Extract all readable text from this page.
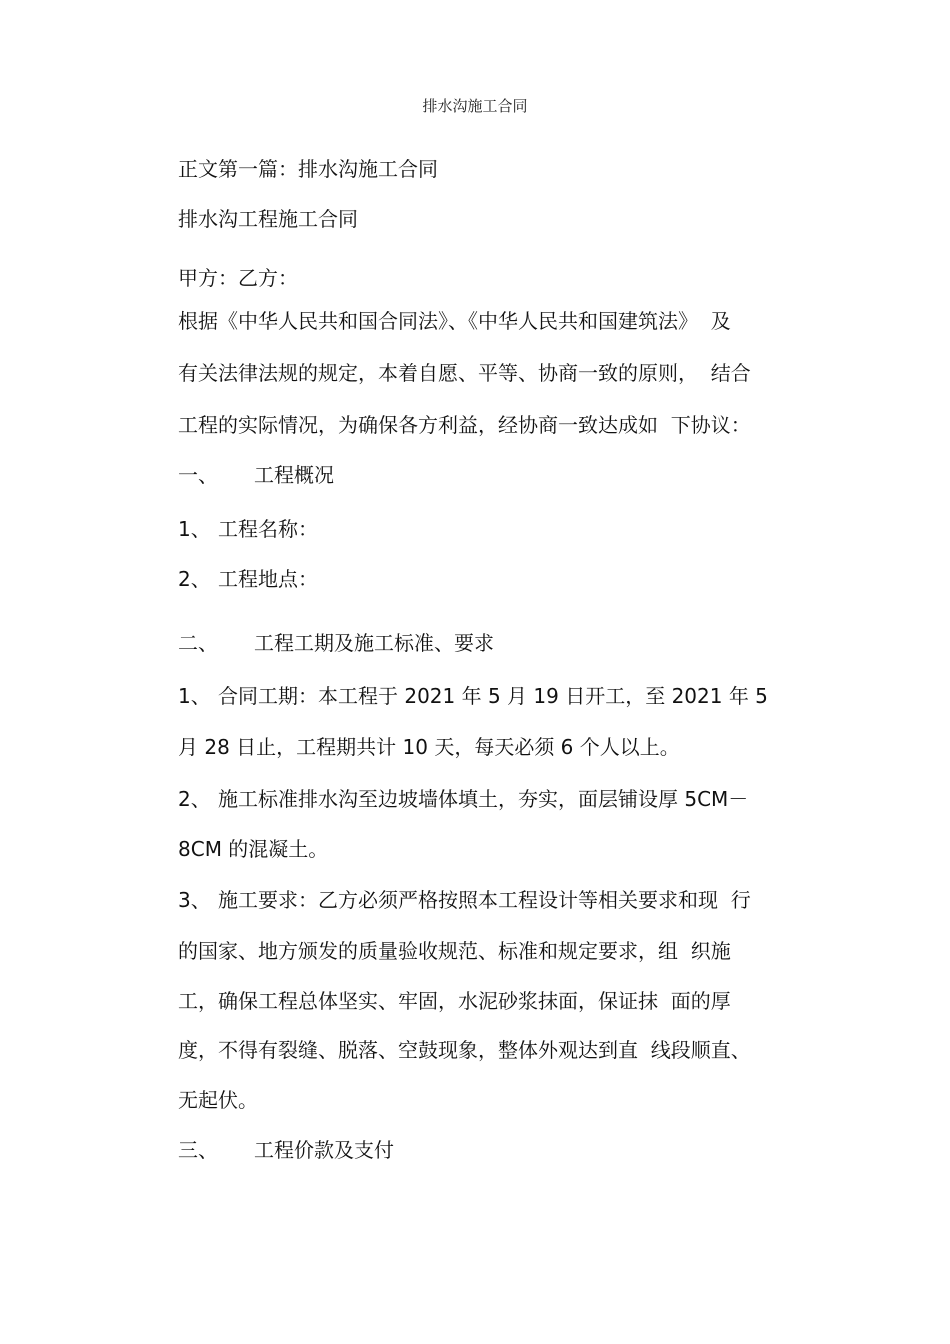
排水沟施工合同
正文第一篇：排水沟施工合同
排水沟工程施工合同
甲方：乙方：
根据《中华人民共和国合同法》、《中华人民共和国建筑法》  及
有关法律法规的规定，本着自愿、平等、协商一致的原则，  结合
工程的实际情况，为确保各方利益，经协商一致达成如  下协议：
一、 工程概况
1、 工程名称：
2、 工程地点：
二、 工程工期及施工标准、要求
1、 合同工期：本工程于 2021 年 5 月 19 日开工，至 2021 年 5
月 28 日止，工程期共计 10 天，每天必须 6 个人以上。
2、 施工标准排水沟至边坡墙体填土，夯实，面层铺设厚 5CM－
8CM 的混凝土。
3、 施工要求：乙方必须严格按照本工程设计等相关要求和现  行
的国家、地方颁发的质量验收规范、标准和规定要求，组  织施
工，确保工程总体坚实、牢固，水泥砂浆抹面，保证抹  面的厚
度，不得有裂缝、脱落、空鼓现象，整体外观达到直  线段顺直、
无起伏。
三、 工程价款及支付
